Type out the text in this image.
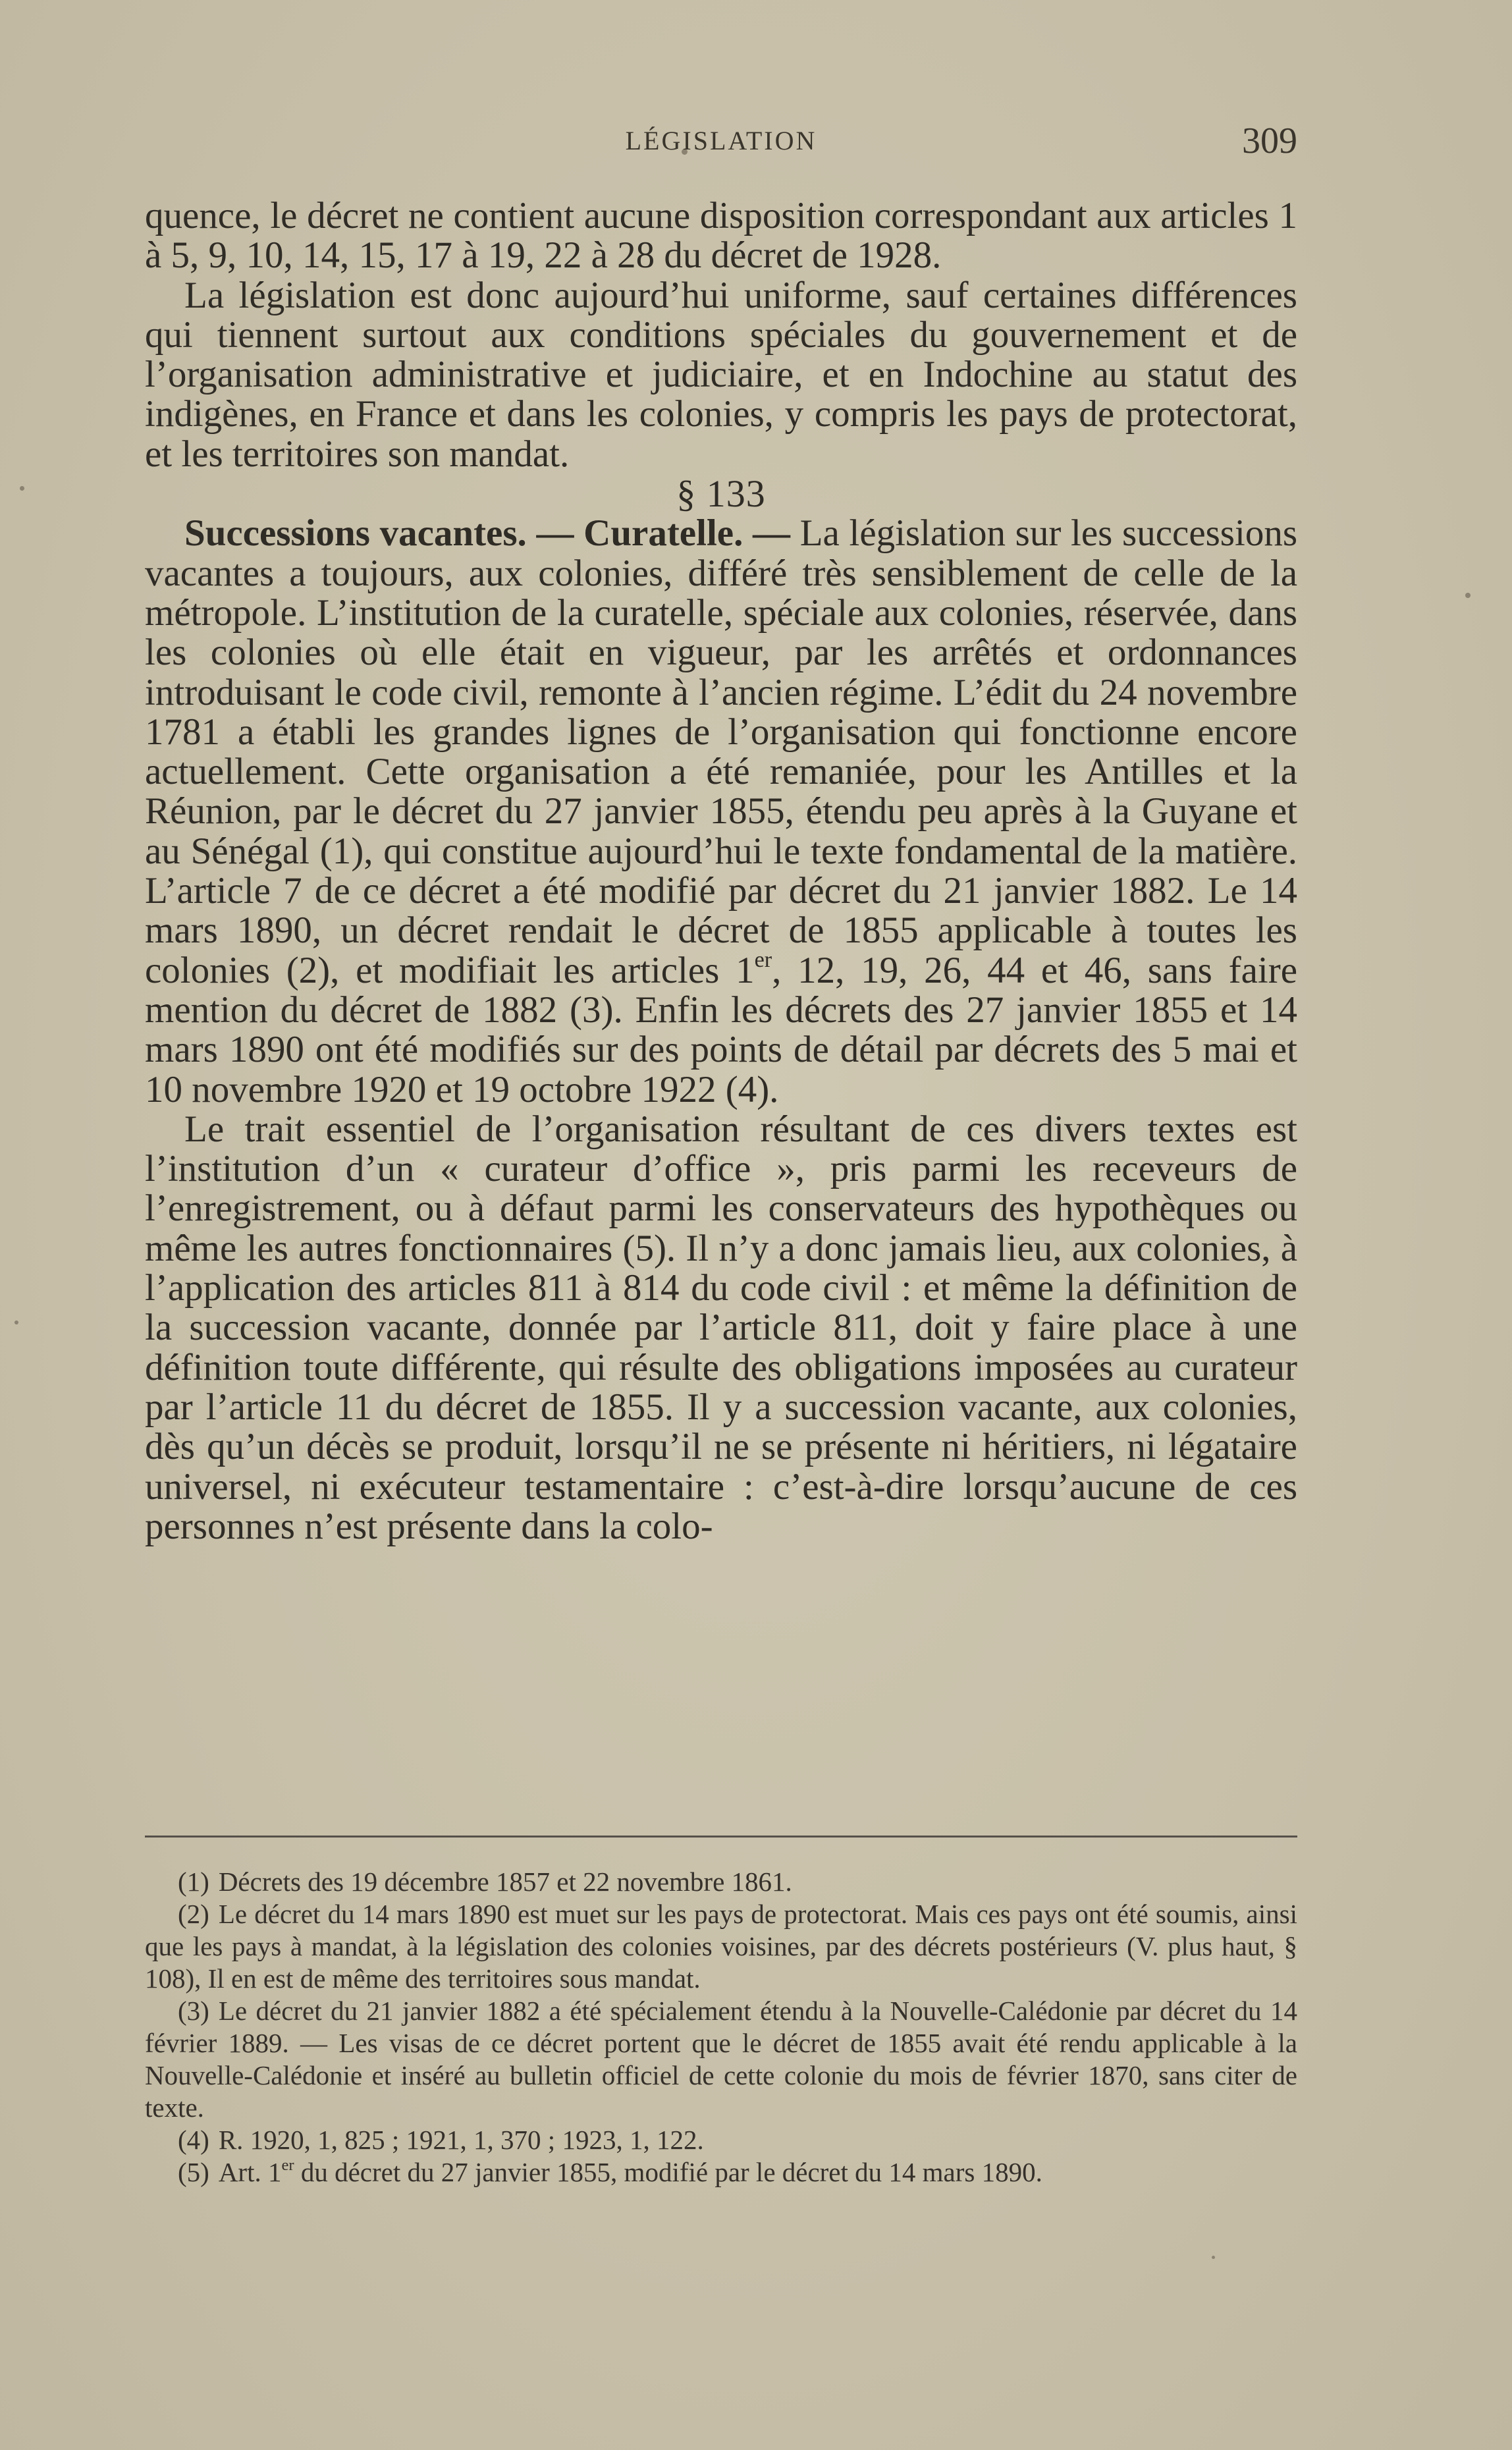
LÉGISLATION	309

quence, le décret ne contient aucune disposition correspondant aux articles 1 à 5, 9, 10, 14, 15, 17 à 19, 22 à 28 du décret de 1928.

La législation est donc aujourd’hui uniforme, sauf certaines différences qui tiennent surtout aux conditions spéciales du gouvernement et de l’organisation administrative et judiciaire, et en Indochine au statut des indigènes, en France et dans les colonies, y compris les pays de protectorat, et les territoires son mandat.

§ 133

Successions vacantes. — Curatelle. — La législation sur les successions vacantes a toujours, aux colonies, différé très sensiblement de celle de la métropole. L’institution de la curatelle, spéciale aux colonies, réservée, dans les colonies où elle était en vigueur, par les arrêtés et ordonnances introduisant le code civil, remonte à l’ancien régime. L’édit du 24 novembre 1781 a établi les grandes lignes de l’organisation qui fonctionne encore actuellement. Cette organisation a été remaniée, pour les Antilles et la Réunion, par le décret du 27 janvier 1855, étendu peu après à la Guyane et au Sénégal (1), qui constitue aujourd’hui le texte fondamental de la matière. L’article 7 de ce décret a été modifié par décret du 21 janvier 1882. Le 14 mars 1890, un décret rendait le décret de 1855 applicable à toutes les colonies (2), et modifiait les articles 1er, 12, 19, 26, 44 et 46, sans faire mention du décret de 1882 (3). Enfin les décrets des 27 janvier 1855 et 14 mars 1890 ont été modifiés sur des points de détail par décrets des 5 mai et 10 novembre 1920 et 19 octobre 1922 (4).

Le trait essentiel de l’organisation résultant de ces divers textes est l’institution d’un « curateur d’office », pris parmi les receveurs de l’enregistrement, ou à défaut parmi les conservateurs des hypothèques ou même les autres fonctionnaires (5). Il n’y a donc jamais lieu, aux colonies, à l’application des articles 811 à 814 du code civil : et même la définition de la succession vacante, donnée par l’article 811, doit y faire place à une définition toute différente, qui résulte des obligations imposées au curateur par l’article 11 du décret de 1855. Il y a succession vacante, aux colonies, dès qu’un décès se produit, lorsqu’il ne se présente ni héritiers, ni légataire universel, ni exécuteur testamentaire : c’est-à-dire lorsqu’aucune de ces personnes n’est présente dans la colo-

(1) Décrets des 19 décembre 1857 et 22 novembre 1861.

(2) Le décret du 14 mars 1890 est muet sur les pays de protectorat. Mais ces pays ont été soumis, ainsi que les pays à mandat, à la législation des colonies voisines, par des décrets postérieurs (V. plus haut, § 108), Il en est de même des territoires sous mandat.

(3) Le décret du 21 janvier 1882 a été spécialement étendu à la Nouvelle-Calédonie par décret du 14 février 1889. — Les visas de ce décret portent que le décret de 1855 avait été rendu applicable à la Nouvelle-Calédonie et inséré au bulletin officiel de cette colonie du mois de février 1870, sans citer de texte.

(4) R. 1920, 1, 825 ; 1921, 1, 370 ; 1923, 1, 122.

(5) Art. 1er du décret du 27 janvier 1855, modifié par le décret du 14 mars 1890.
